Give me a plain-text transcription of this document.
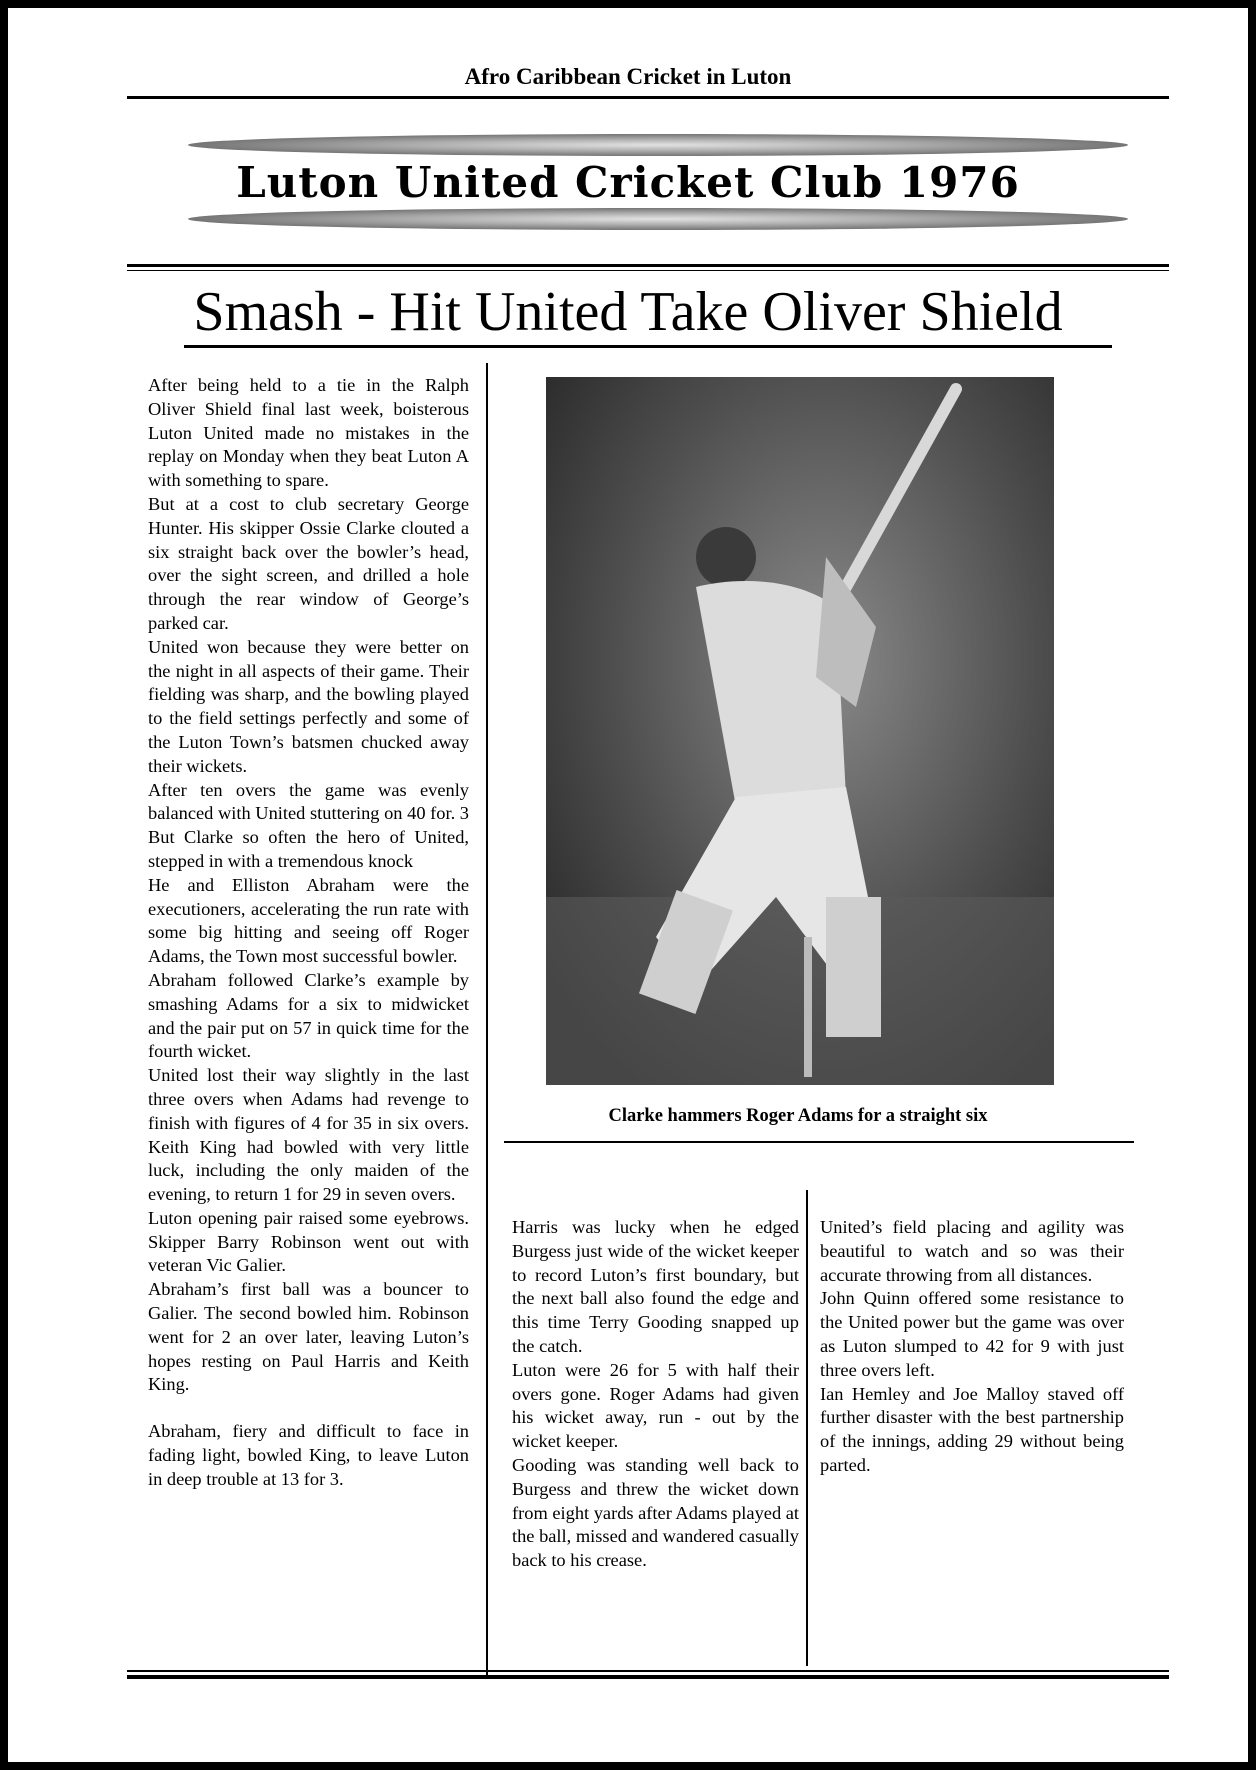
Afro Caribbean Cricket in Luton
Luton United Cricket Club 1976
Smash - Hit United Take Oliver Shield

After being held to a tie in the Ralph Oliver Shield final last week, boisterous Luton United made no mistakes in the replay on Monday when they beat Luton A with something to spare.

But at a cost to club secretary George Hunter. His skipper Ossie Clarke clouted a six straight back over the bowler’s head, over the sight screen, and drilled a hole through the rear window of George’s parked car.

United won because they were better on the night in all aspects of their game. Their fielding was sharp, and the bowling played to the field settings perfectly and some of the Luton Town’s batsmen chucked away their wickets.

After ten overs the game was evenly balanced with United stuttering on 40 for. 3 But Clarke so often the hero of United, stepped in with a tremendous knock

He and Elliston Abraham were the executioners, accelerating the run rate with some big hitting and seeing off Roger Adams, the Town most successful bowler.

Abraham followed Clarke’s example by smashing Adams for a six to midwicket and the pair put on 57 in quick time for the fourth wicket.

United lost their way slightly in the last three overs when Adams had revenge to finish with figures of 4 for 35 in six overs. Keith King had bowled with very little luck, including the only maiden of the evening, to return 1 for 29 in seven overs.

Luton opening pair raised some eyebrows. Skipper Barry Robinson went out with veteran Vic Galier.

Abraham’s first ball was a bouncer to Galier. The second bowled him. Robinson went for 2 an over later, leaving Luton’s hopes resting on Paul Harris and Keith King.

Abraham, fiery and difficult to face in fading light, bowled King, to leave Luton in deep trouble at 13 for 3.

Clarke hammers Roger Adams for a straight six

Harris was lucky when he edged Burgess just wide of the wicket keeper to record Luton’s first boundary, but the next ball also found the edge and this time Terry Gooding snapped up the catch.

Luton were 26 for 5 with half their overs gone. Roger Adams had given his wicket away, run - out by the wicket keeper.

Gooding was standing well back to Burgess and threw the wicket down from eight yards after Adams played at the ball, missed and wandered casually back to his crease.

United’s field placing and agility was beautiful to watch and so was their accurate throwing from all distances.

John Quinn offered some resistance to the United power but the game was over as Luton slumped to 42 for 9 with just three overs left.

Ian Hemley and Joe Malloy staved off further disaster with the best partnership of the innings, adding 29 without being parted.
